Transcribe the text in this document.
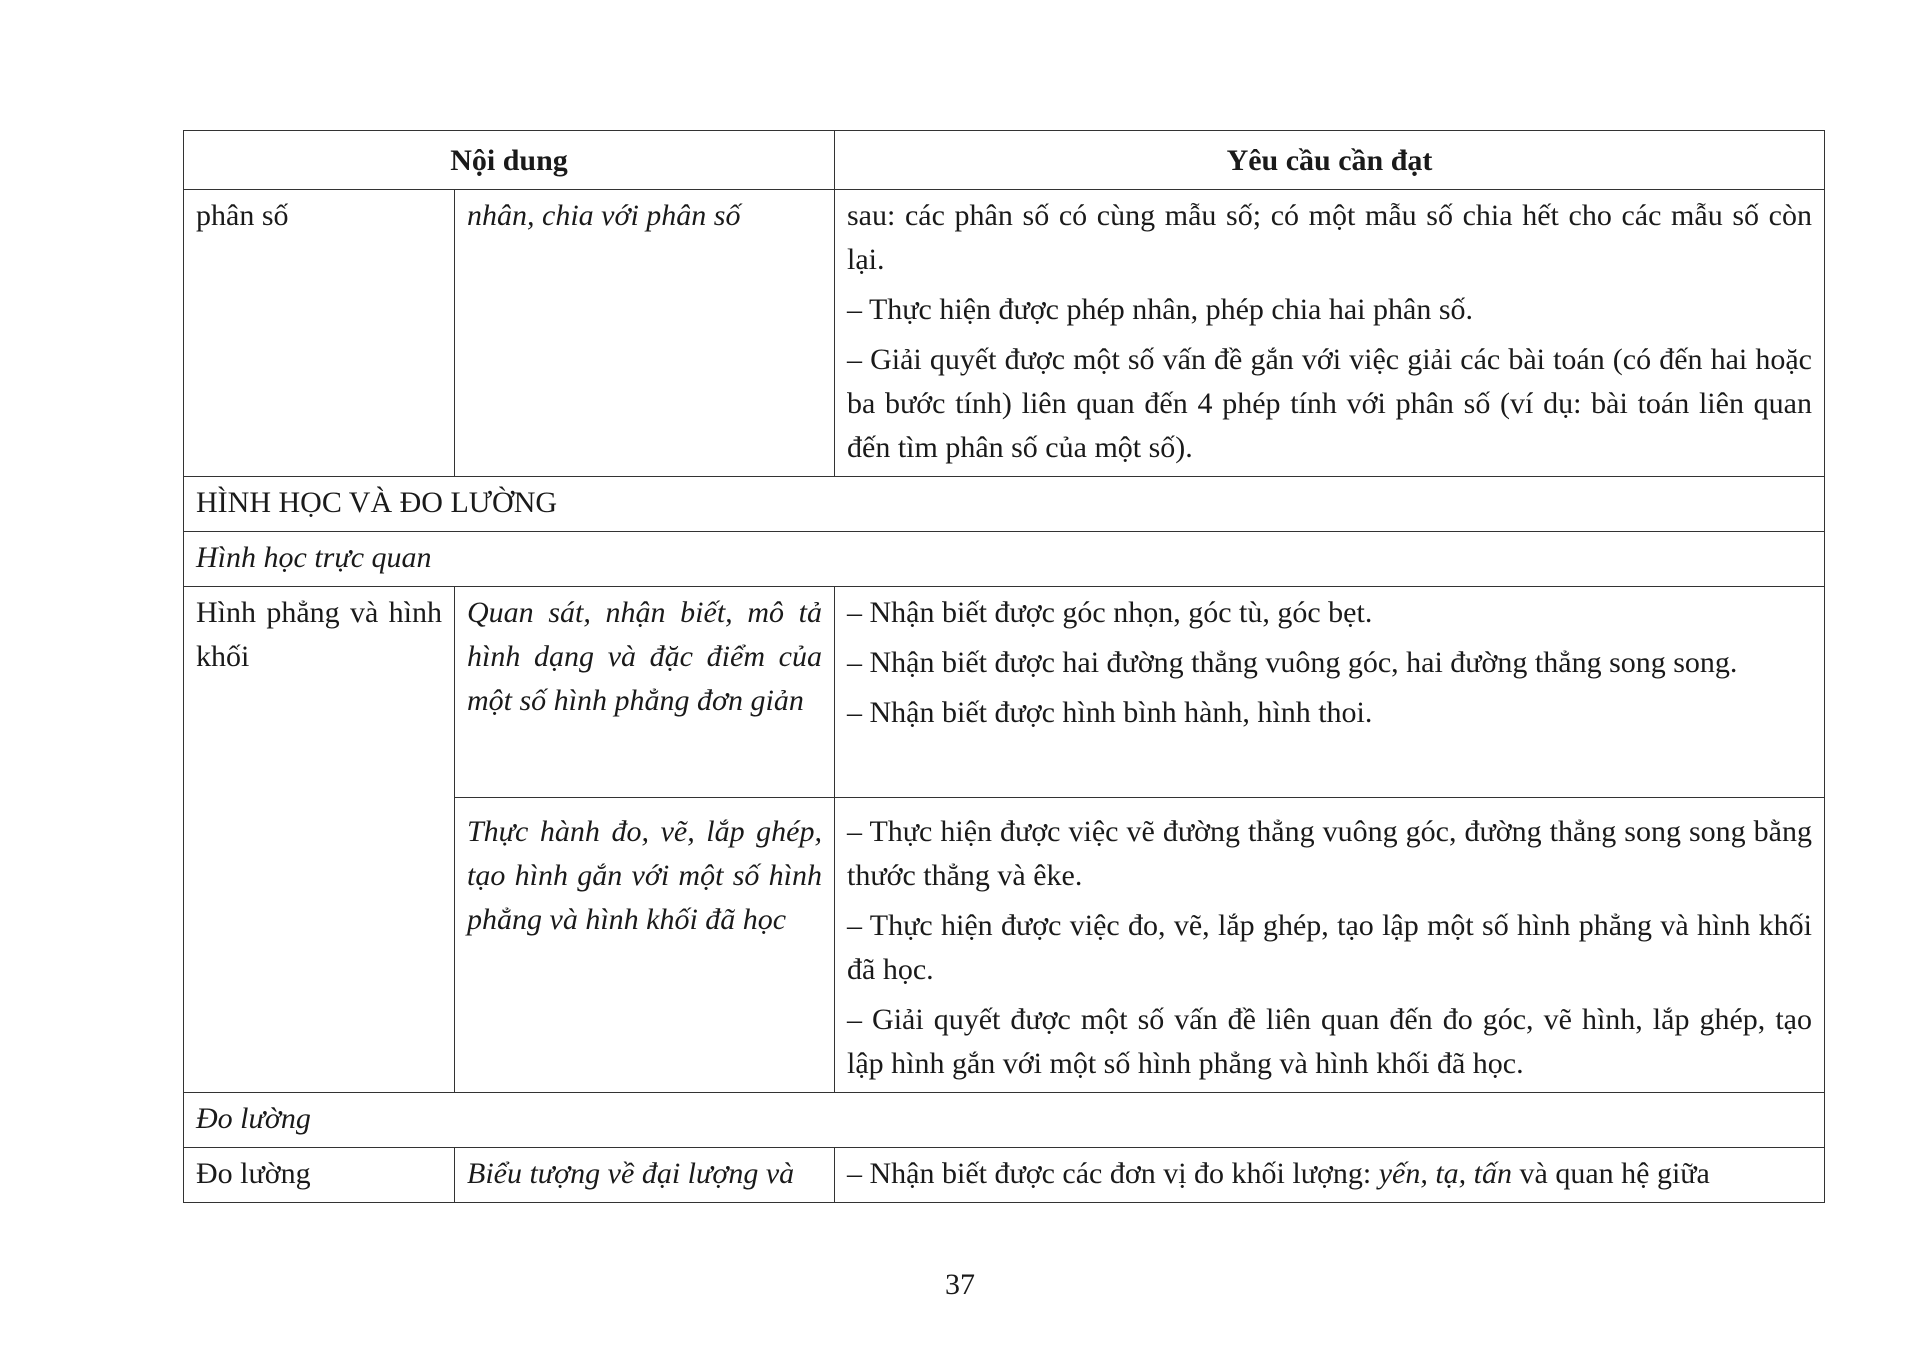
Nội dung		Yêu cầu cần đạt
phân số	nhân, chia với phân số	sau: các phân số có cùng mẫu số; có một mẫu số chia hết cho các mẫu số còn lại.

– Thực hiện được phép nhân, phép chia hai phân số.

– Giải quyết được một số vấn đề gắn với việc giải các bài toán (có đến hai hoặc ba bước tính) liên quan đến 4 phép tính với phân số (ví dụ: bài toán liên quan đến tìm phân số của một số).

HÌNH HỌC VÀ ĐO LƯỜNG		
Hình học trực quan		
Hình phẳng và hình khối	Quan sát, nhận biết, mô tả hình dạng và đặc điểm của một số hình phẳng đơn giản	– Nhận biết được góc nhọn, góc tù, góc bẹt.

– Nhận biết được hai đường thẳng vuông góc, hai đường thẳng song song.

– Nhận biết được hình bình hành, hình thoi.

	Thực hành đo, vẽ, lắp ghép, tạo hình gắn với một số hình phẳng và hình khối đã học	– Thực hiện được việc vẽ đường thẳng vuông góc, đường thẳng song song bằng thước thẳng và êke.

– Thực hiện được việc đo, vẽ, lắp ghép, tạo lập một số hình phẳng và hình khối đã học.

– Giải quyết được một số vấn đề liên quan đến đo góc, vẽ hình, lắp ghép, tạo lập hình gắn với một số hình phẳng và hình khối đã học.

Đo lường		
Đo lường	Biểu tượng về đại lượng và	– Nhận biết được các đơn vị đo khối lượng: yến, tạ, tấn và quan hệ giữa

37
